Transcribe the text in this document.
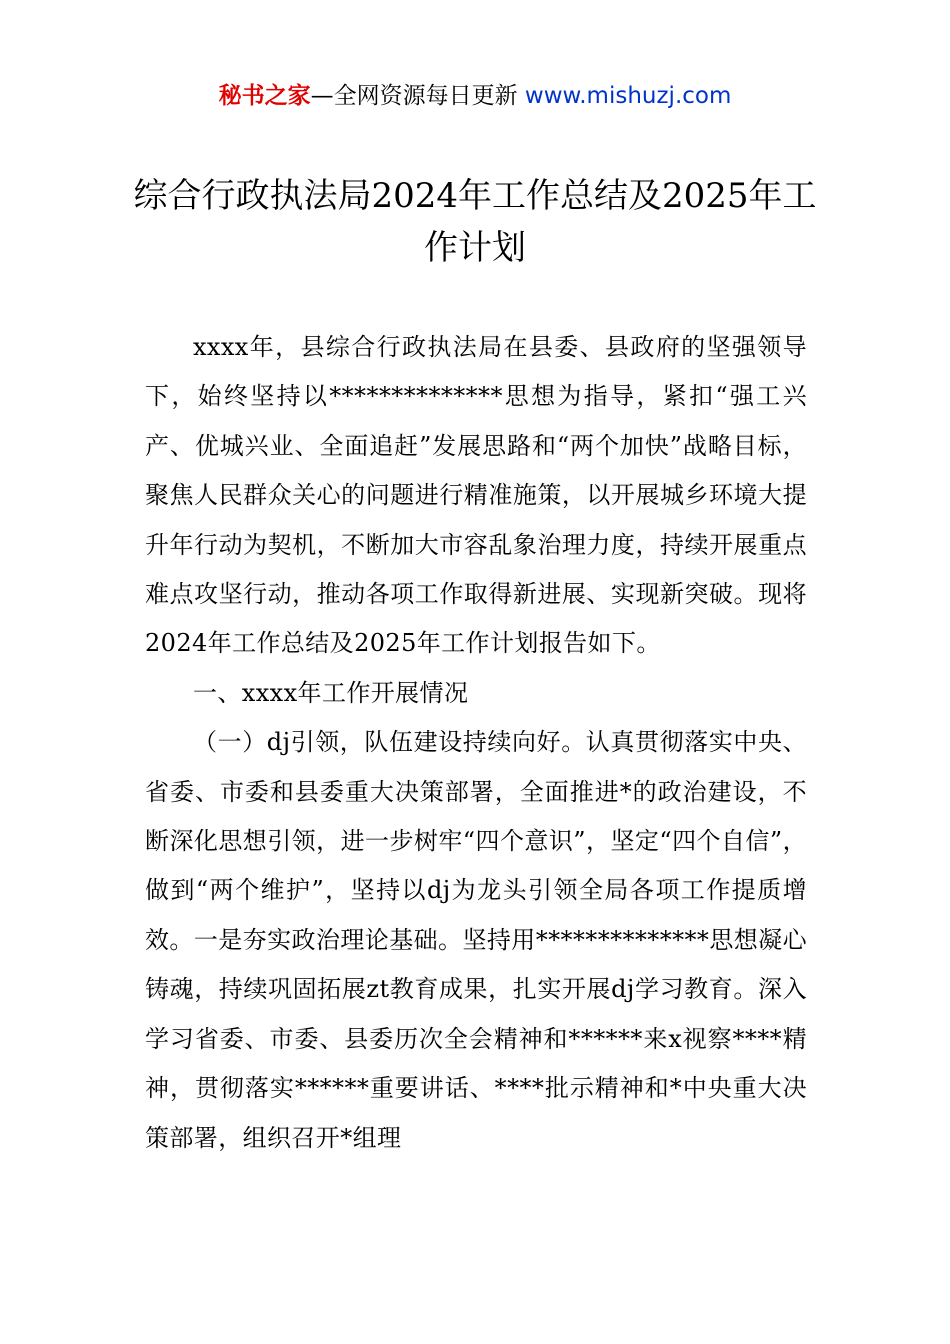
秘书之家—全网资源每日更新 www.mishuzj.com
综合行政执法局2024年工作总结及2025年工作计划

xxxx年，县综合行政执法局在县委、县政府的坚强领导下，始终坚持以**************思想为指导，紧扣“强工兴产、优城兴业、全面追赶”发展思路和“两个加快”战略目标，聚焦人民群众关心的问题进行精准施策，以开展城乡环境大提升年行动为契机，不断加大市容乱象治理力度，持续开展重点难点攻坚行动，推动各项工作取得新进展、实现新突破。现将2024年工作总结及2025年工作计划报告如下。

一、xxxx年工作开展情况

（一）dj引领，队伍建设持续向好。认真贯彻落实中央、省委、市委和县委重大决策部署，全面推进*的政治建设，不断深化思想引领，进一步树牢“四个意识”，坚定“四个自信”，做到“两个维护”，坚持以dj为龙头引领全局各项工作提质增效。一是夯实政治理论基础。坚持用**************思想凝心铸魂，持续巩固拓展zt教育成果，扎实开展dj学习教育。深入学习省委、市委、县委历次全会精神和******来x视察****精神，贯彻落实******重要讲话、****批示精神和*中央重大决策部署，组织召开*组理
